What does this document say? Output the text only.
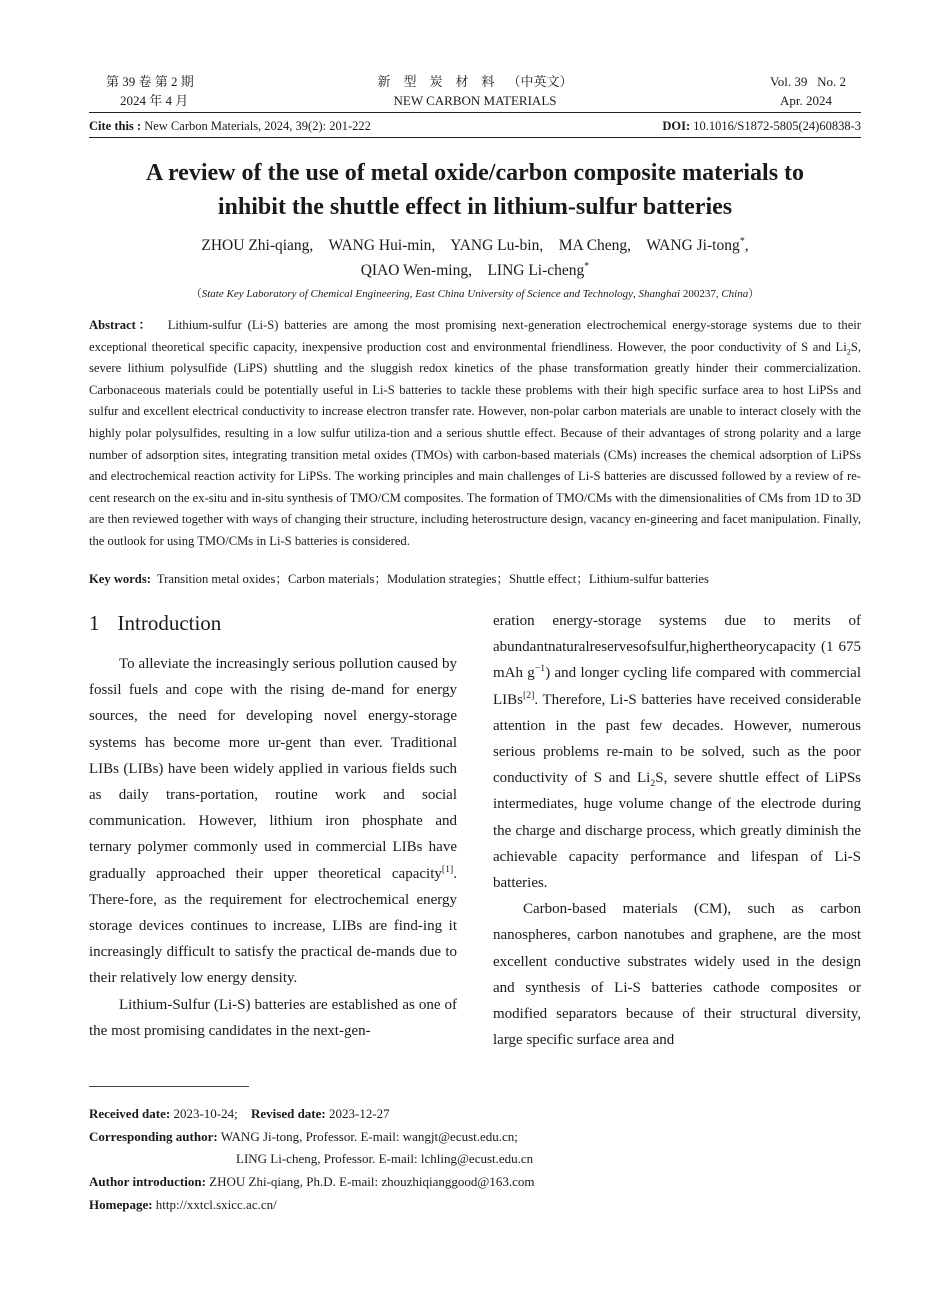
第 39 卷 第 2 期
2024 年 4 月
新    型    炭    材    料    （中英文）
NEW CARBON MATERIALS
Vol. 39   No. 2
Apr. 2024
Cite this : New Carbon Materials, 2024, 39(2): 201-222	DOI: 10.1016/S1872-5805(24)60838-3
A review of the use of metal oxide/carbon composite materials to
inhibit the shuttle effect in lithium-sulfur batteries
ZHOU Zhi-qiang,    WANG Hui-min,    YANG Lu-bin,    MA Cheng,    WANG Ji-tong*,
QIAO Wen-ming,    LING Li-cheng*
（State Key Laboratory of Chemical Engineering, East China University of Science and Technology, Shanghai 200237, China）
Abstract： Lithium-sulfur (Li-S) batteries are among the most promising next-generation electrochemical energy-storage systems due to their exceptional theoretical specific capacity, inexpensive production cost and environmental friendliness. However, the poor conductivity of S and $Li_2S$, severe lithium polysulfide (LiPS) shuttling and the sluggish redox kinetics of the phase transformation greatly hinder their commercialization. Carbonaceous materials could be potentially useful in Li-S batteries to tackle these problems with their high specific surface area to host LiPSs and sulfur and excellent electrical conductivity to increase electron transfer rate. However, non-polar carbon materials are unable to interact closely with the highly polar polysulfides, resulting in a low sulfur utiliza-tion and a serious shuttle effect. Because of their advantages of strong polarity and a large number of adsorption sites, integrating transition metal oxides (TMOs) with carbon-based materials (CMs) increases the chemical adsorption of LiPSs and electrochemical reaction activity for LiPSs. The working principles and main challenges of Li-S batteries are discussed followed by a review of re-cent research on the ex-situ and in-situ synthesis of TMO/CM composites. The formation of TMO/CMs with the dimensionalities of CMs from 1D to 3D are then reviewed together with ways of changing their structure, including heterostructure design, vacancy en-gineering and facet manipulation. Finally, the outlook for using TMO/CMs in Li-S batteries is considered.
Key words: Transition metal oxides；Carbon materials；Modulation strategies；Shuttle effect；Lithium-sulfur batteries
1 Introduction

To alleviate the increasingly serious pollution caused by fossil fuels and cope with the rising de-mand for energy sources, the need for developing novel energy-storage systems has become more ur-gent than ever. Traditional LIBs (LIBs) have been widely applied in various fields such as daily trans-portation, routine work and social communication. However, lithium iron phosphate and ternary polymer commonly used in commercial LIBs have gradually approached their upper theoretical capacity[1]. There-fore, as the requirement for electrochemical energy storage devices continues to increase, LIBs are find-ing it increasingly difficult to satisfy the practical de-mands due to their relatively low energy density.

Lithium-Sulfur (Li-S) batteries are established as one of the most promising candidates in the next-gen-

eration energy-storage systems due to merits of abundantnaturalreservesofsulfur,highertheorycapacity (1 675 mAh $g^{-1}$) and longer cycling life compared with commercial LIBs[2]. Therefore, Li-S batteries have received considerable attention in the past few decades. However, numerous serious problems re-main to be solved, such as the poor conductivity of S and $Li_2S$, severe shuttle effect of LiPSs intermediates, huge volume change of the electrode during the charge and discharge process, which greatly diminish the achievable capacity performance and lifespan of Li-S batteries.

Carbon-based materials (CM), such as carbon nanospheres, carbon nanotubes and graphene, are the most excellent conductive substrates widely used in the design and synthesis of Li-S batteries cathode composites or modified separators because of their structural diversity, large specific surface area and

Received date: 2023-10-24; Revised date: 2023-12-27
Corresponding author: WANG Ji-tong, Professor. E-mail: wangjt@ecust.edu.cn;
LING Li-cheng, Professor. E-mail: lchling@ecust.edu.cn
Author introduction: ZHOU Zhi-qiang, Ph.D. E-mail: zhouzhiqianggood@163.com
Homepage: http://xxtcl.sxicc.ac.cn/
